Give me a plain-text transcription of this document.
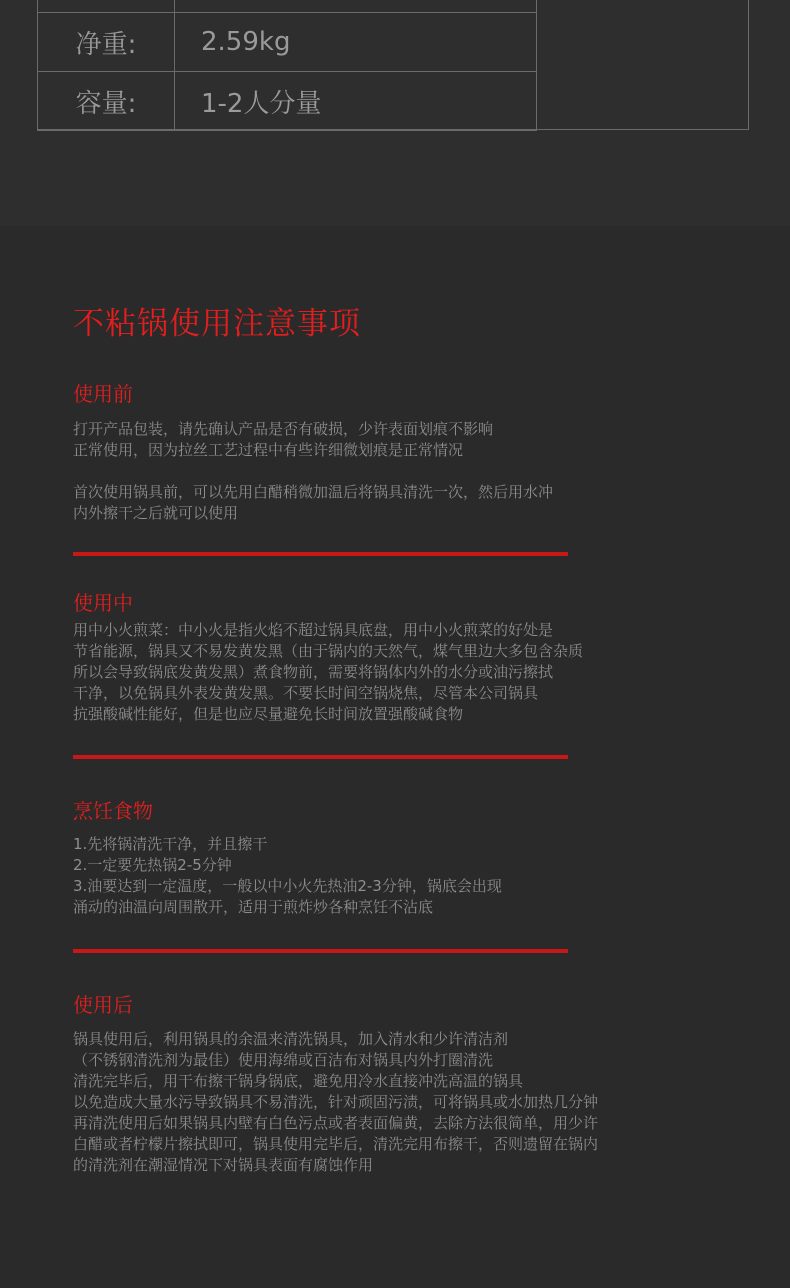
净重:	2.59kg
容量:	1-2人分量
不粘锅使用注意事项
使用前

打开产品包装，请先确认产品是否有破损，少许表面划痕不影响
正常使用，因为拉丝工艺过程中有些许细微划痕是正常情况

首次使用锅具前，可以先用白醋稍微加温后将锅具清洗一次，然后用水冲
内外擦干之后就可以使用

使用中

用中小火煎菜：中小火是指火焰不超过锅具底盘，用中小火煎菜的好处是
节省能源，锅具又不易发黄发黑（由于锅内的天然气，煤气里边大多包含杂质
所以会导致锅底发黄发黑）煮食物前，需要将锅体内外的水分或油污擦拭
干净，以免锅具外表发黄发黑。不要长时间空锅烧焦，尽管本公司锅具
抗强酸碱性能好，但是也应尽量避免长时间放置强酸碱食物

烹饪食物

1.先将锅清洗干净，并且擦干
2.一定要先热锅2-5分钟
3.油要达到一定温度，一般以中小火先热油2-3分钟，锅底会出现
涌动的油温向周围散开，适用于煎炸炒各种烹饪不沾底

使用后

锅具使用后，利用锅具的余温来清洗锅具，加入清水和少许清洁剂
（不锈钢清洗剂为最佳）使用海绵或百洁布对锅具内外打圈清洗
清洗完毕后，用干布擦干锅身锅底，避免用冷水直接冲洗高温的锅具
以免造成大量水污导致锅具不易清洗，针对顽固污渍，可将锅具或水加热几分钟
再清洗使用后如果锅具内壁有白色污点或者表面偏黄，去除方法很简单，用少许
白醋或者柠檬片擦拭即可，锅具使用完毕后，清洗完用布擦干，否则遗留在锅内
的清洗剂在潮湿情况下对锅具表面有腐蚀作用
